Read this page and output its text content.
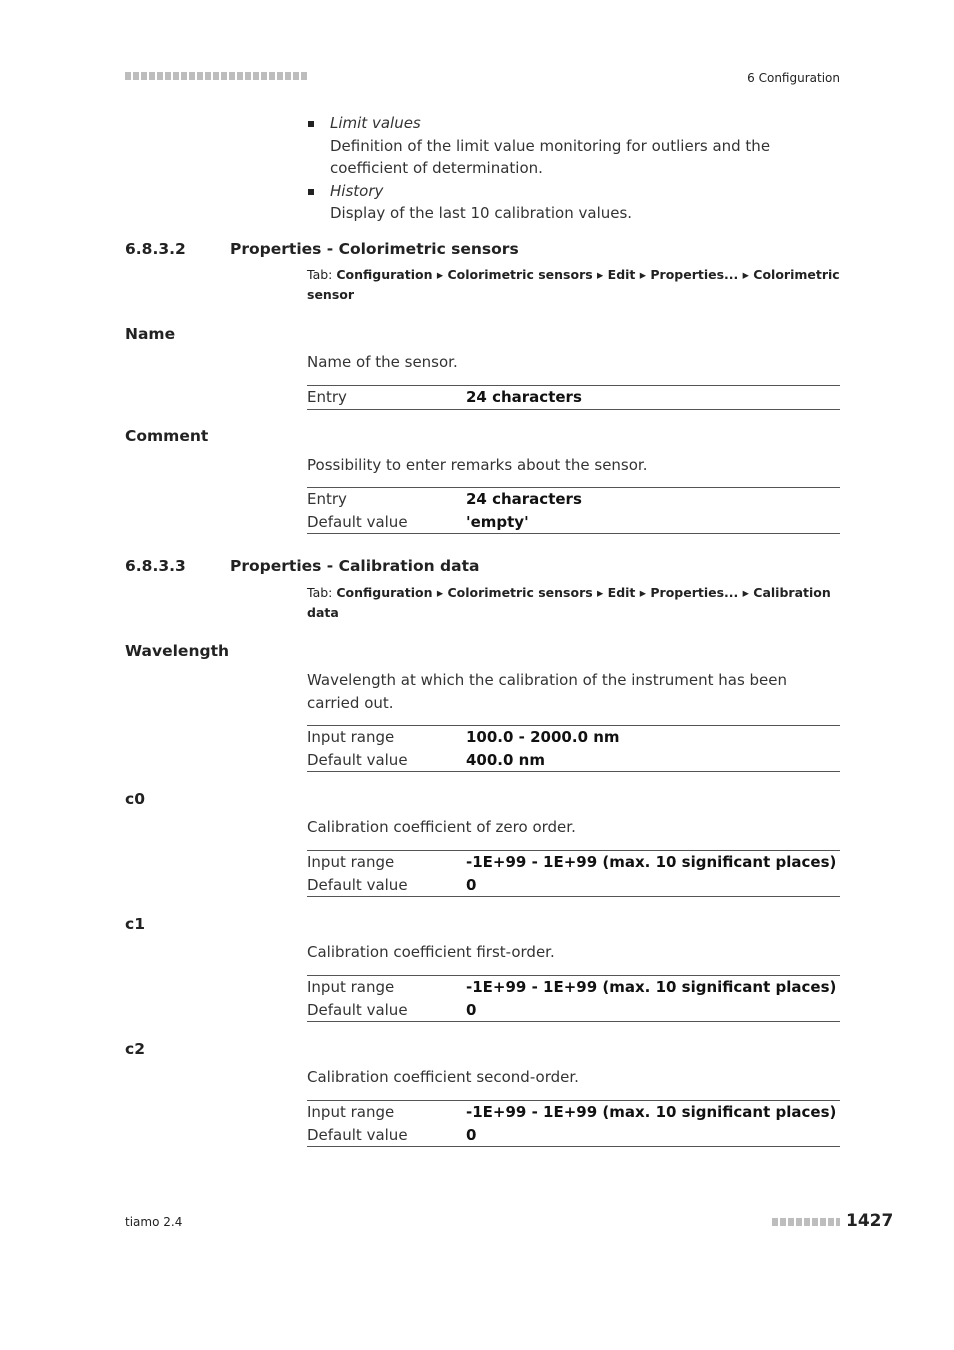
6 Configuration
Limit values
Definition of the limit value monitoring for outliers and the coefficient of determination.
History
Display of the last 10 calibration values.
6.8.3.2	Properties - Colorimetric sensors
Tab: Configuration ▸ Colorimetric sensors ▸ Edit ▸ Properties... ▸ Colorimetric sensor
Name
Name of the sensor.
Entry	24 characters
Comment
Possibility to enter remarks about the sensor.
Entry	24 characters
Default value	'empty'
6.8.3.3	Properties - Calibration data
Tab: Configuration ▸ Colorimetric sensors ▸ Edit ▸ Properties... ▸ Calibration data
Wavelength
Wavelength at which the calibration of the instrument has been carried out.
Input range	100.0 - 2000.0 nm
Default value	400.0 nm
c0
Calibration coefficient of zero order.
Input range	-1E+99 - 1E+99 (max. 10 significant places)
Default value	0
c1
Calibration coefficient first-order.
Input range	-1E+99 - 1E+99 (max. 10 significant places)
Default value	0
c2
Calibration coefficient second-order.
Input range	-1E+99 - 1E+99 (max. 10 significant places)
Default value	0
tiamo 2.4	1427
